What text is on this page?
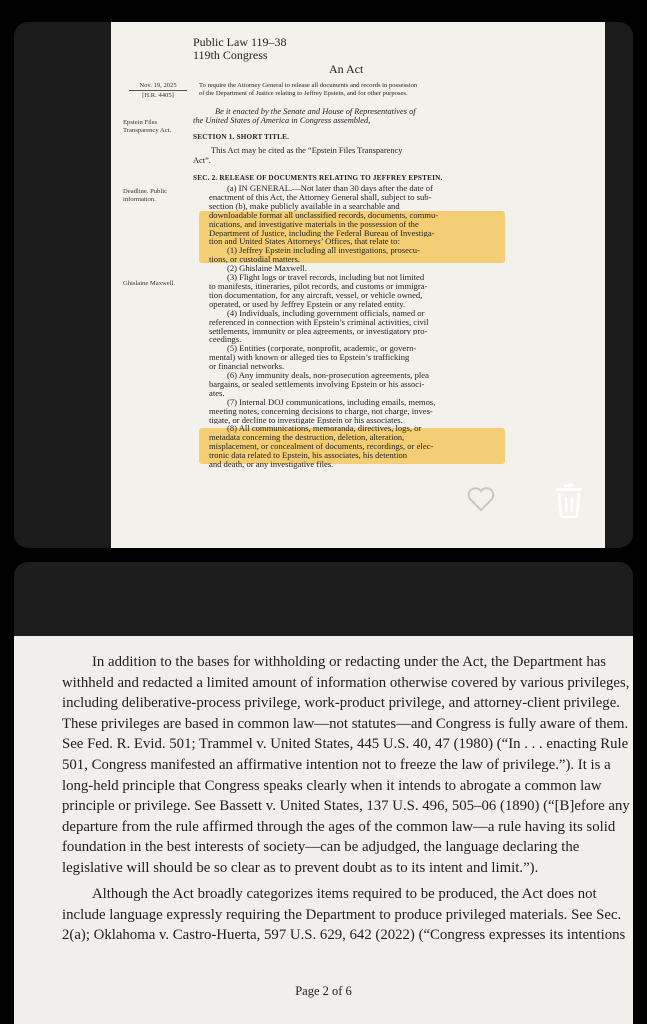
Public Law 119–38
119th Congress
An Act
Nov. 19, 2025
[H.R. 4405]
To require the Attorney General to release all documents and records in possession
of the Department of Justice relating to Jeffrey Epstein, and for other purposes.
Be it enacted by the Senate and House of Representatives of
the United States of America in Congress assembled,
Epstein Files Transparency Act.
SECTION 1. SHORT TITLE.
This Act may be cited as the “Epstein Files Transparency
Act”.
SEC. 2. RELEASE OF DOCUMENTS RELATING TO JEFFREY EPSTEIN.
Deadline. Public information.
Ghislaine Maxwell.
(a) IN GENERAL.—Not later than 30 days after the date of
enactment of this Act, the Attorney General shall, subject to sub-
section (b), make publicly available in a searchable and
downloadable format all unclassified records, documents, commu-
nications, and investigative materials in the possession of the
Department of Justice, including the Federal Bureau of Investiga-
tion and United States Attorneys’ Offices, that relate to:
(1) Jeffrey Epstein including all investigations, prosecu-
tions, or custodial matters.
(2) Ghislaine Maxwell.
(3) Flight logs or travel records, including but not limited
to manifests, itineraries, pilot records, and customs or immigra-
tion documentation, for any aircraft, vessel, or vehicle owned,
operated, or used by Jeffrey Epstein or any related entity.
(4) Individuals, including government officials, named or
referenced in connection with Epstein’s criminal activities, civil
settlements, immunity or plea agreements, or investigatory pro-
ceedings.
(5) Entities (corporate, nonprofit, academic, or govern-
mental) with known or alleged ties to Epstein’s trafficking
or financial networks.
(6) Any immunity deals, non-prosecution agreements, plea
bargains, or sealed settlements involving Epstein or his associ-
ates.
(7) Internal DOJ communications, including emails, memos,
meeting notes, concerning decisions to charge, not charge, inves-
tigate, or decline to investigate Epstein or his associates.
(8) All communications, memoranda, directives, logs, or
metadata concerning the destruction, deletion, alteration,
misplacement, or concealment of documents, recordings, or elec-
tronic data related to Epstein, his associates, his detention
and death, or any investigative files.
In addition to the bases for withholding or redacting under the Act, the Department has
withheld and redacted a limited amount of information otherwise covered by various privileges,
including deliberative-process privilege, work-product privilege, and attorney-client privilege.
These privileges are based in common law—not statutes—and Congress is fully aware of them.
See Fed. R. Evid. 501; Trammel v. United States, 445 U.S. 40, 47 (1980) (“In . . . enacting Rule
501, Congress manifested an affirmative intention not to freeze the law of privilege.”). It is a
long-held principle that Congress speaks clearly when it intends to abrogate a common law
principle or privilege. See Bassett v. United States, 137 U.S. 496, 505–06 (1890) (“[B]efore any
departure from the rule affirmed through the ages of the common law—a rule having its solid
foundation in the best interests of society—can be adjudged, the language declaring the
legislative will should be so clear as to prevent doubt as to its intent and limit.”).
Although the Act broadly categorizes items required to be produced, the Act does not
include language expressly requiring the Department to produce privileged materials. See Sec.
2(a); Oklahoma v. Castro-Huerta, 597 U.S. 629, 642 (2022) (“Congress expresses its intentions
Page 2 of 6
